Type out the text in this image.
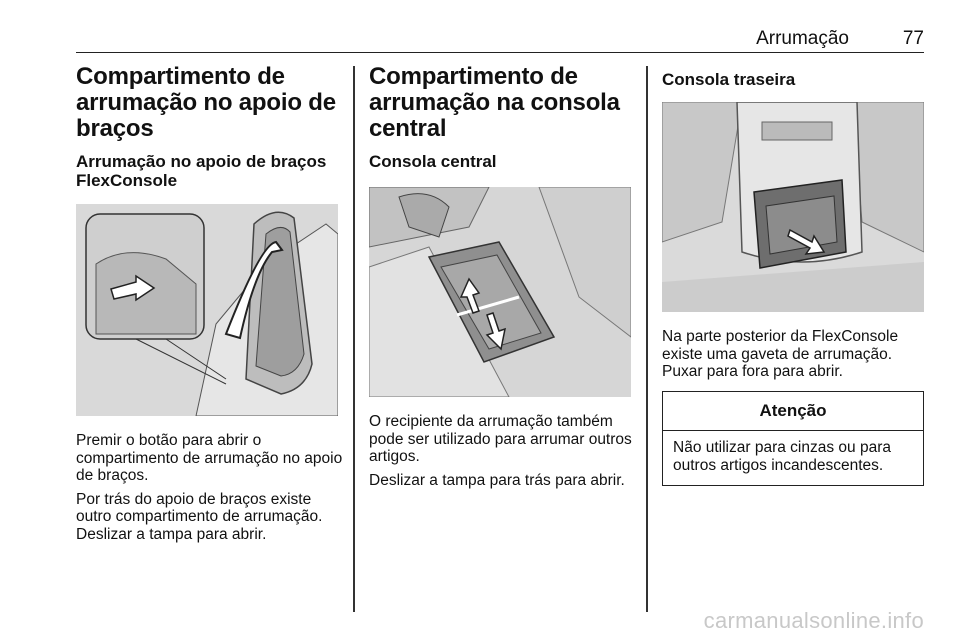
Arrumação	77
Compartimento de arrumação no apoio de braços
Arrumação no apoio de braços FlexConsole

Premir o botão para abrir o compartimento de arrumação no apoio de braços.

Por trás do apoio de braços existe outro compartimento de arrumação. Deslizar a tampa para abrir.

Compartimento de arrumação na consola central
Consola central

O recipiente da arrumação também pode ser utilizado para arrumar outros artigos.

Deslizar a tampa para trás para abrir.

Consola traseira

Na parte posterior da FlexConsole existe uma gaveta de arrumação. Puxar para fora para abrir.

Atenção
Não utilizar para cinzas ou para outros artigos incandescentes.
carmanualsonline.info
